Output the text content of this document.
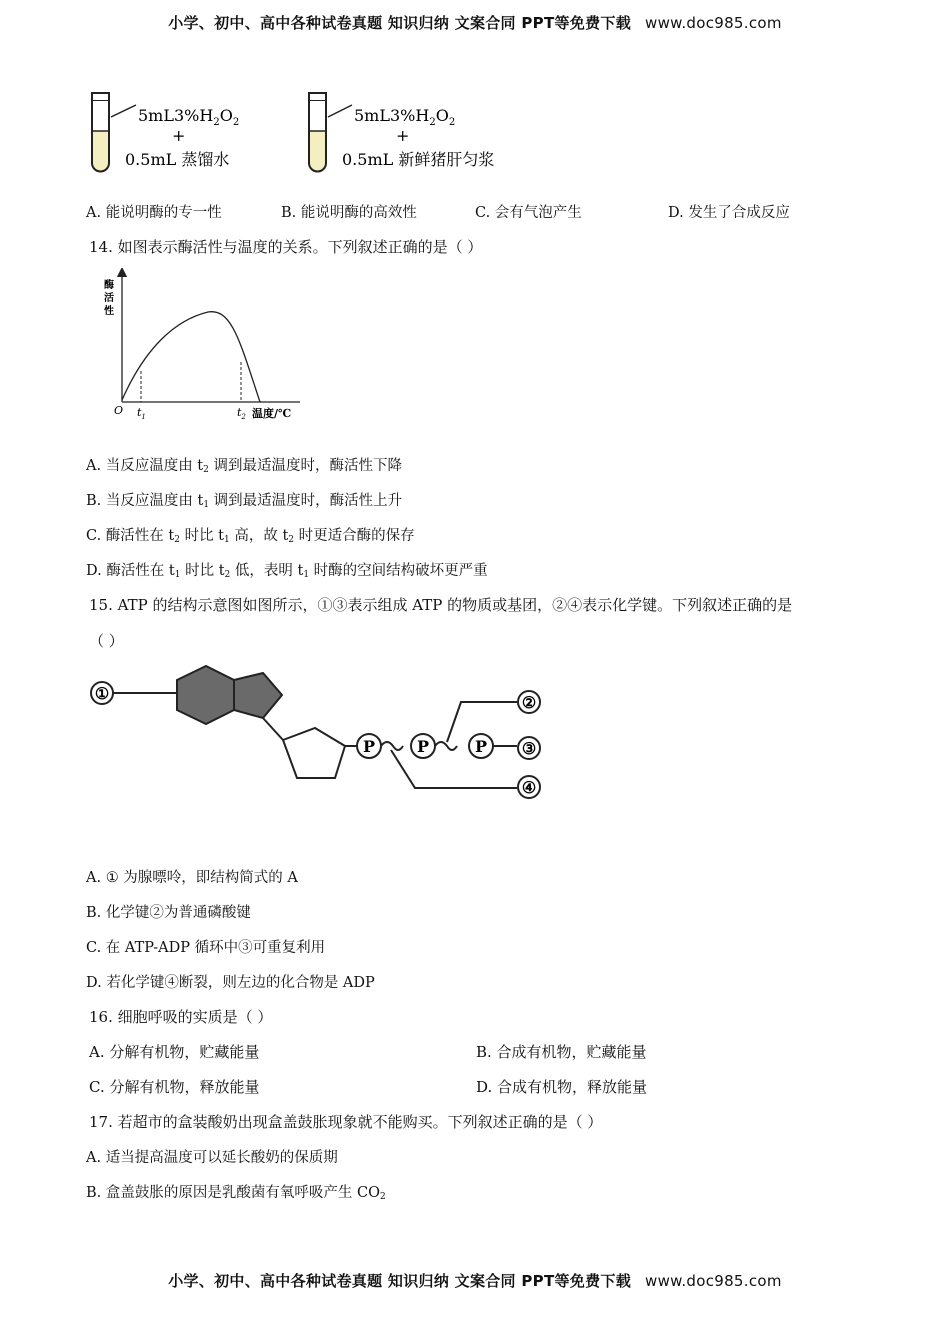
小学、初中、高中各种试卷真题 知识归纳 文案合同 PPT等免费下载 www.doc985.com
$5mL3\%H_2O_2$
+
0.5mL 蒸馏水
$5mL3\%H_2O_2$
+
0.5mL 新鲜猪肝匀浆
A. 能说明酶的专一性	B. 能说明酶的高效性	C. 会有气泡产生	D. 发生了合成反应
14. 如图表示酶活性与温度的关系。下列叙述正确的是（ ）
酶
活
性
O $t_1$	$t_2$ 温度/℃
A. 当反应温度由 $t_2$ 调到最适温度时，酶活性下降
B. 当反应温度由 $t_1$ 调到最适温度时，酶活性上升
C. 酶活性在 $t_2$ 时比 $t_1$ 高，故 $t_2$ 时更适合酶的保存
D. 酶活性在 $t_1$ 时比 $t_2$ 低，表明 $t_1$ 时酶的空间结构破坏更严重
15. ATP 的结构示意图如图所示，①③表示组成 ATP 的物质或基团，②④表示化学键。下列叙述正确的是
（ ）
①
P	P	P
②
③
④
A. ① 为腺嘌呤，即结构简式的 A
B. 化学键②为普通磷酸键
C. 在 ATP-ADP 循环中③可重复利用
D. 若化学键④断裂，则左边的化合物是 ADP
16. 细胞呼吸的实质是（ ）
A. 分解有机物，贮藏能量	B. 合成有机物，贮藏能量
C. 分解有机物，释放能量	D. 合成有机物，释放能量
17. 若超市的盒装酸奶出现盒盖鼓胀现象就不能购买。下列叙述正确的是（ ）
A. 适当提高温度可以延长酸奶的保质期
B. 盒盖鼓胀的原因是乳酸菌有氧呼吸产生 $CO_2$
小学、初中、高中各种试卷真题 知识归纳 文案合同 PPT等免费下载 www.doc985.com
